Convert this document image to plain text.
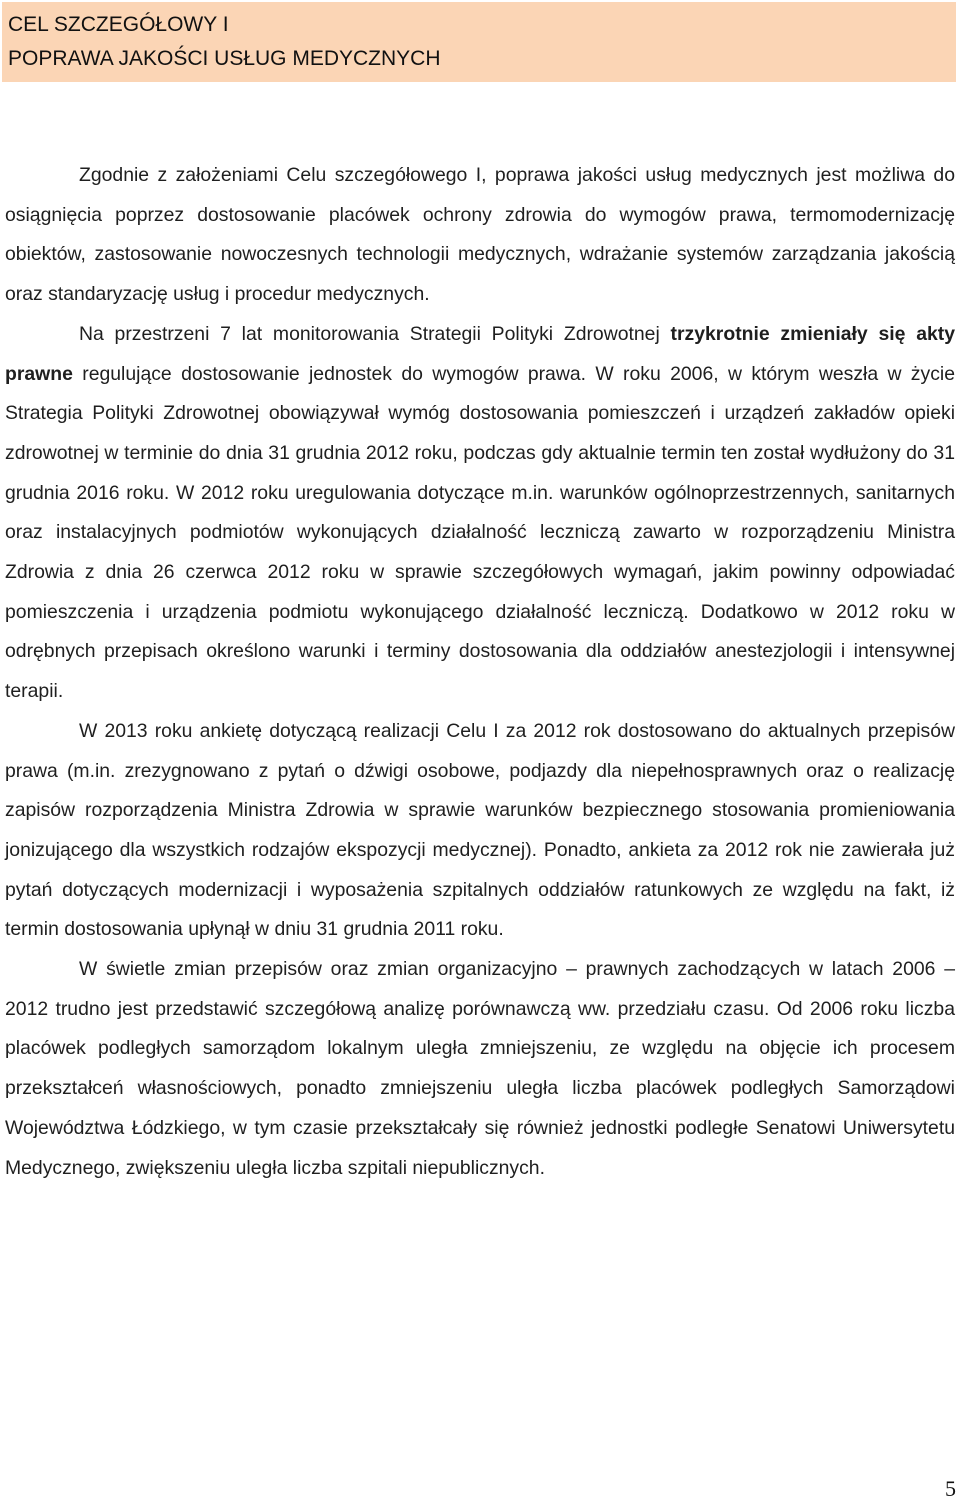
CEL SZCZEGÓŁOWY I
POPRAWA JAKOŚCI USŁUG MEDYCZNYCH

Zgodnie z założeniami Celu szczegółowego I, poprawa jakości usług medycznych jest możliwa do osiągnięcia poprzez dostosowanie placówek ochrony zdrowia do wymogów prawa, termomodernizację obiektów, zastosowanie nowoczesnych technologii medycznych, wdrażanie systemów zarządzania jakością oraz standaryzację usług i procedur medycznych.

Na przestrzeni 7 lat monitorowania Strategii Polityki Zdrowotnej trzykrotnie zmieniały się akty prawne regulujące dostosowanie jednostek do wymogów prawa. W roku 2006, w którym weszła w życie Strategia Polityki Zdrowotnej obowiązywał wymóg dostosowania pomieszczeń i urządzeń zakładów opieki zdrowotnej w terminie do dnia 31 grudnia 2012 roku, podczas gdy aktualnie termin ten został wydłużony do 31 grudnia 2016 roku. W 2012 roku uregulowania dotyczące m.in. warunków ogólnoprzestrzennych, sanitarnych oraz instalacyjnych podmiotów wykonujących działalność leczniczą zawarto w rozporządzeniu Ministra Zdrowia z dnia 26 czerwca 2012 roku w sprawie szczegółowych wymagań, jakim powinny odpowiadać pomieszczenia i urządzenia podmiotu wykonującego działalność leczniczą. Dodatkowo w 2012 roku w odrębnych przepisach określono warunki i terminy dostosowania dla oddziałów anestezjologii i intensywnej terapii.

W 2013 roku ankietę dotyczącą realizacji Celu I za 2012 rok dostosowano do aktualnych przepisów prawa (m.in. zrezygnowano z pytań o dźwigi osobowe, podjazdy dla niepełnosprawnych oraz o realizację zapisów rozporządzenia Ministra Zdrowia w sprawie warunków bezpiecznego stosowania promieniowania jonizującego dla wszystkich rodzajów ekspozycji medycznej). Ponadto, ankieta za 2012 rok nie zawierała już pytań dotyczących modernizacji i wyposażenia szpitalnych oddziałów ratunkowych ze względu na fakt, iż termin dostosowania upłynął w dniu 31 grudnia 2011 roku.

W świetle zmian przepisów oraz zmian organizacyjno – prawnych zachodzących w latach 2006 – 2012 trudno jest przedstawić szczegółową analizę porównawczą ww. przedziału czasu. Od 2006 roku liczba placówek podległych samorządom lokalnym uległa zmniejszeniu, ze względu na objęcie ich procesem przekształceń własnościowych, ponadto zmniejszeniu uległa liczba placówek podległych Samorządowi Województwa Łódzkiego, w tym czasie przekształcały się również jednostki podległe Senatowi Uniwersytetu Medycznego, zwiększeniu uległa liczba szpitali niepublicznych.

5
